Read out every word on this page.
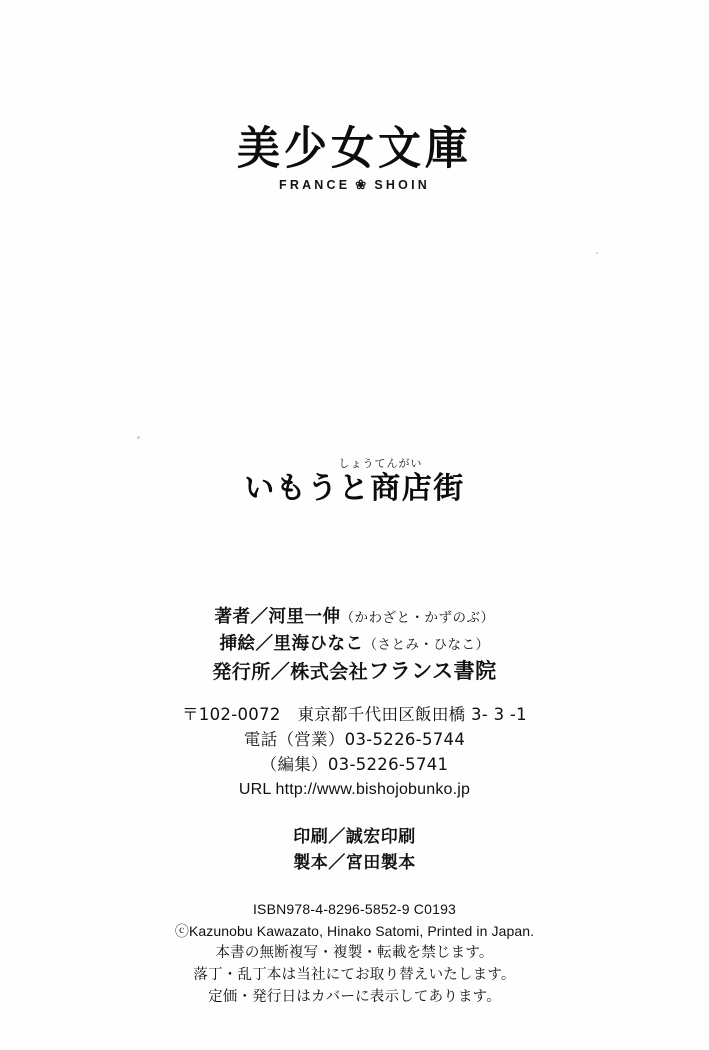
美少女文庫
FRANCE ❀ SHOIN
しょうてんがい
いもうと商店街
著者／河里一伸（かわざと・かずのぶ）
挿絵／里海ひなこ（さとみ・ひなこ）
発行所／株式会社フランス書院
〒102-0072　東京都千代田区飯田橋 3- 3 -1
電話（営業）03-5226-5744
（編集）03-5226-5741
URL http://www.bishojobunko.jp
印刷／誠宏印刷
製本／宮田製本
ISBN978-4-8296-5852-9 C0193
ⓒKazunobu Kawazato, Hinako Satomi, Printed in Japan.
本書の無断複写・複製・転載を禁じます。
落丁・乱丁本は当社にてお取り替えいたします。
定価・発行日はカバーに表示してあります。
